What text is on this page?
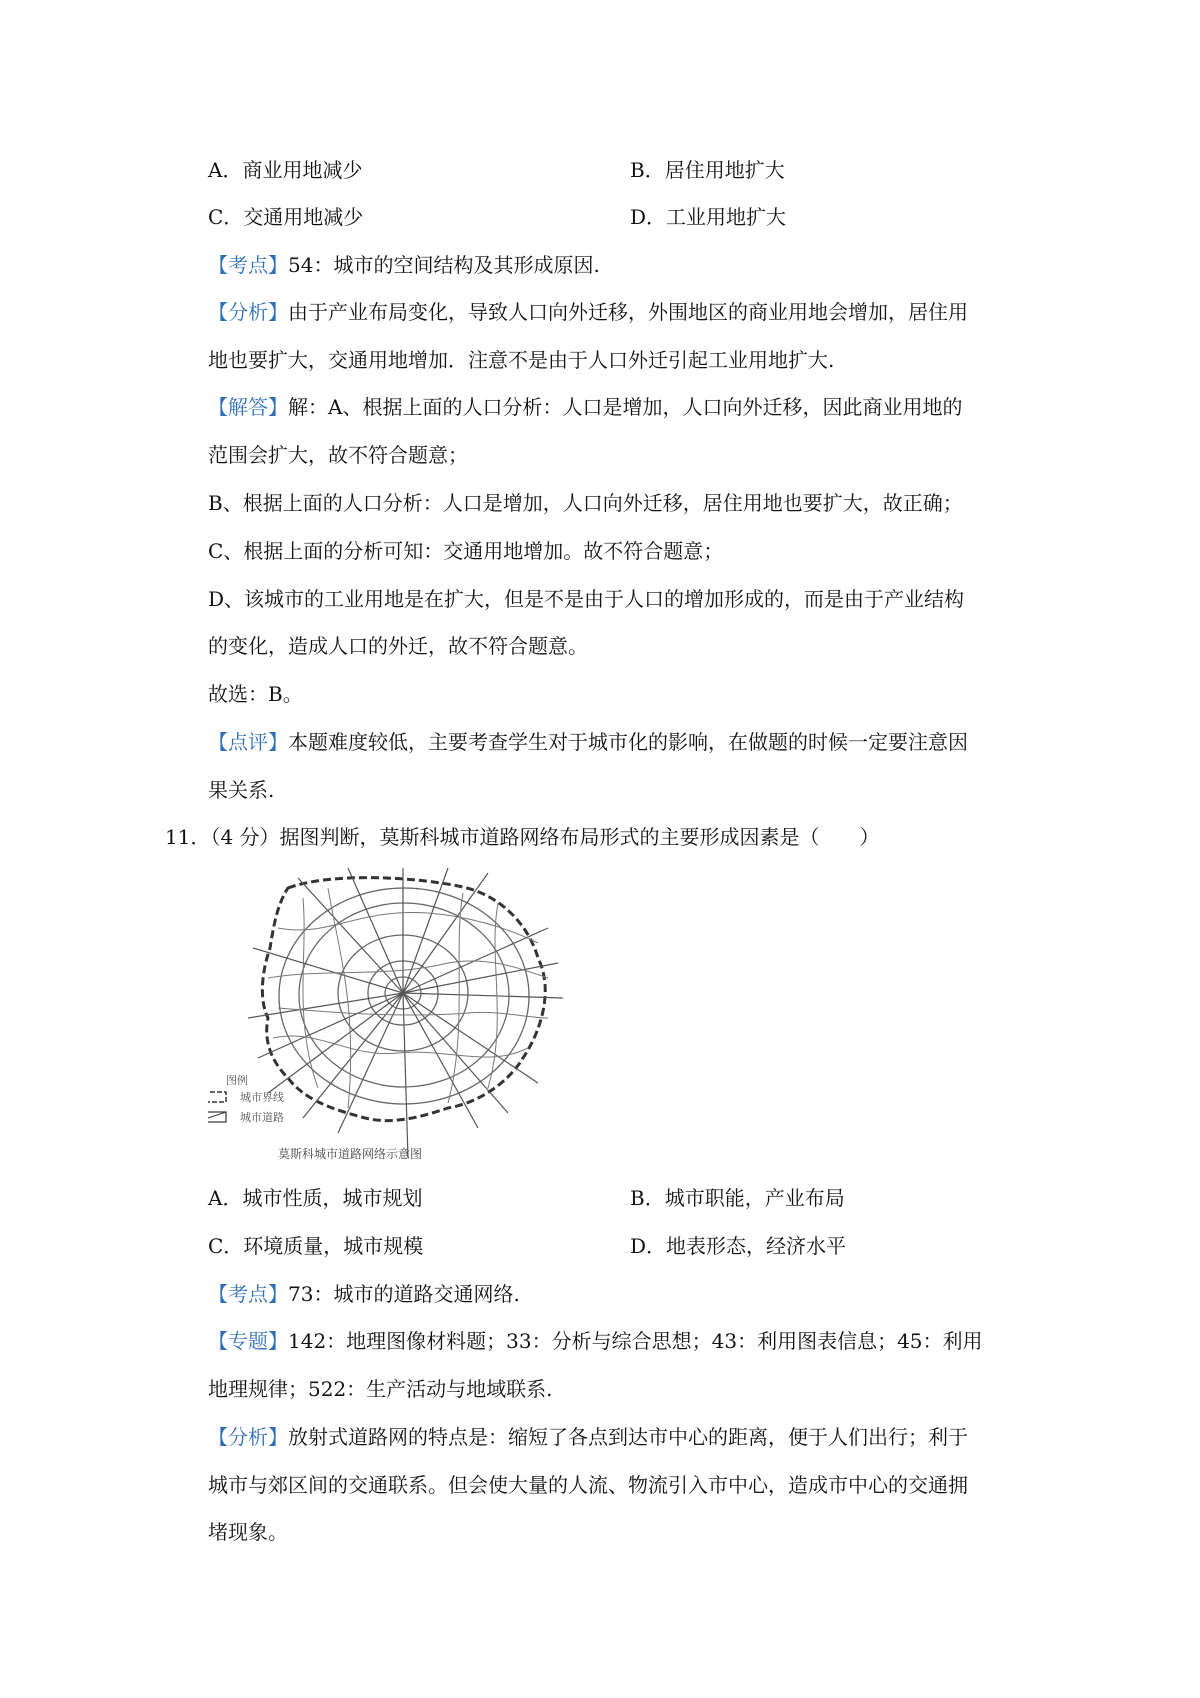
A．商业用地减少	B．居住用地扩大
C．交通用地减少	D．工业用地扩大
【考点】54：城市的空间结构及其形成原因.
【分析】由于产业布局变化，导致人口向外迁移，外围地区的商业用地会增加，居住用
地也要扩大，交通用地增加．注意不是由于人口外迁引起工业用地扩大.
【解答】解：A、根据上面的人口分析：人口是增加，人口向外迁移，因此商业用地的
范围会扩大，故不符合题意；
B、根据上面的人口分析：人口是增加，人口向外迁移，居住用地也要扩大，故正确；
C、根据上面的分析可知：交通用地增加。故不符合题意；
D、该城市的工业用地是在扩大，但是不是由于人口的增加形成的，而是由于产业结构
的变化，造成人口的外迁，故不符合题意。
故选：B。
【点评】本题难度较低，主要考查学生对于城市化的影响，在做题的时候一定要注意因
果关系.
11．（4 分）据图判断，莫斯科城市道路网络布局形式的主要形成因素是（　　）
图例
城市界线
城市道路
莫斯科城市道路网络示意图
A．城市性质，城市规划	B．城市职能，产业布局
C．环境质量，城市规模	D．地表形态，经济水平
【考点】73：城市的道路交通网络.
【专题】142：地理图像材料题；33：分析与综合思想；43：利用图表信息；45：利用
地理规律；522：生产活动与地域联系.
【分析】放射式道路网的特点是：缩短了各点到达市中心的距离，便于人们出行；利于
城市与郊区间的交通联系。但会使大量的人流、物流引入市中心，造成市中心的交通拥
堵现象。
